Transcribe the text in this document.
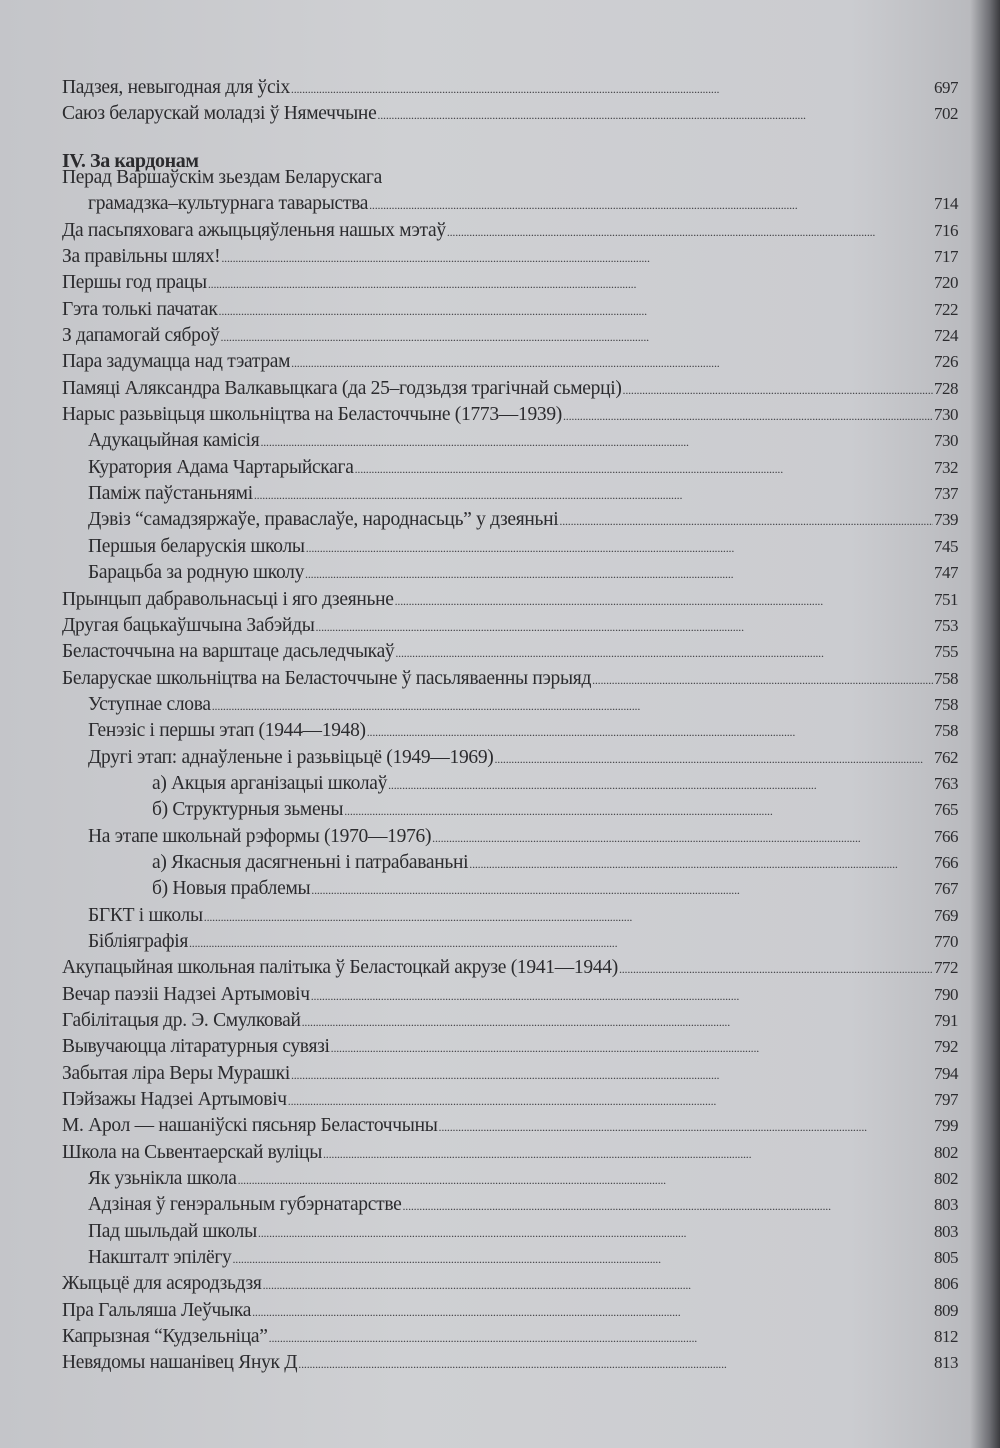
Падзея, невыгодная для ўсіх . . .	697
Саюз беларускай моладзі ў Нямеччыне . . .	702
IV. За кардонам
Перад Варшаўскім зьездам Беларускага
грамадзка–культурнага таварыства . . .	714
Да пасьпяховага ажыцьцяўленьня нашых мэтаў . . .	716
За правільны шлях! . . .	717
Першы год працы . . .	720
Гэта толькі пачатак . . .	722
З дапамогай сяброў . . .	724
Пара задумацца над тэатрам . . .	726
Памяці Аляксандра Валкавыцкага (да 25–годзьдзя трагічнай сьмерці) . . .	728
Нарыс разьвіцьця школьніцтва на Беласточчыне (1773—1939) . . .	730
Адукацыйная камісія . . .	730
Куратория Адама Чартарыйскага . . .	732
Паміж паўстаньнямі . . .	737
Дэвіз “самадзяржаўе, праваслаўе, народнасьць” у дзеяньні . . .	739
Першыя беларускія школы . . .	745
Барацьба за родную школу . . .	747
Прынцып дабравольнасьці і яго дзеяньне . . .	751
Другая бацькаўшчына Забэйды . . .	753
Беласточчына на варштаце дасьледчыкаў . . .	755
Беларускае школьніцтва на Беласточчыне ў пасьляваенны пэрыяд . . .	758
Уступнае слова . . .	758
Генэзіс і першы этап (1944—1948) . . .	758
Другі этап: аднаўленьне і разьвіцьцё (1949—1969) . . .	762
а) Акцыя арганізацыі школаў . . .	763
б) Структурныя зьмены . . .	765
На этапе школьнай рэформы (1970—1976) . . .	766
а) Якасныя дасягненьні і патрабаваньні . . .	766
б) Новыя праблемы . . .	767
БГКТ і школы . . .	769
Бібліяграфія . . .	770
Акупацыйная школьная палітыка ў Беластоцкай акрузе (1941—1944) . . .	772
Вечар паэзіі Надзеі Артымовіч . . .	790
Габілітацыя др. Э. Смулковай . . .	791
Вывучаюцца літаратурныя сувязі . . .	792
Забытая ліра Веры Мурашкі . . .	794
Пэйзажы Надзеі Артымовіч . . .	797
М. Арол — нашаніўскі пясьняр Беласточчыны . . .	799
Школа на Сьвентаерскай вуліцы . . .	802
Як узьнікла школа . . .	802
Адзіная ў генэральным губэрнатарстве . . .	803
Пад шыльдай школы . . .	803
Накшталт эпілёгу . . .	805
Жыцьцё для асяродзьдзя . . .	806
Пра Гальляша Леўчыка . . .	809
Капрызная “Кудзельніца” . . .	812
Невядомы нашанівец Янук Д . . .	813
